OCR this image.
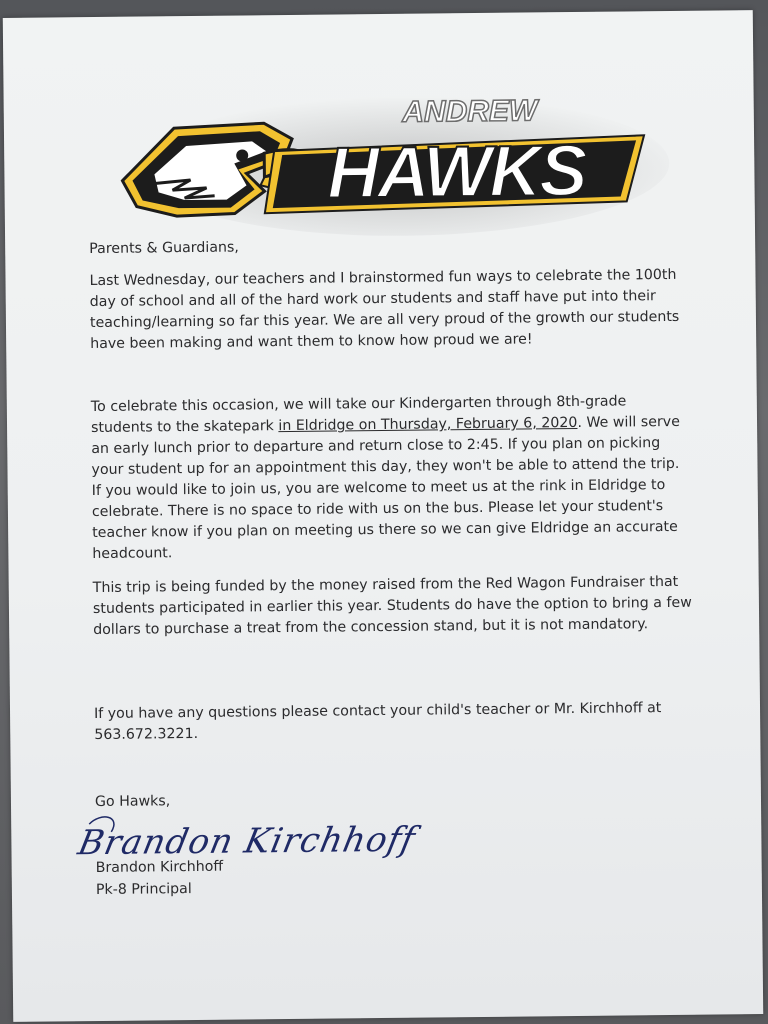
HAWKS
ANDREW
Parents & Guardians,

Last Wednesday, our teachers and I brainstormed fun ways to celebrate the 100th day of school and all of the hard work our students and staff have put into their teaching/learning so far this year. We are all very proud of the growth our students have been making and want them to know how proud we are!

To celebrate this occasion, we will take our Kindergarten through 8th-grade students to the skatepark in Eldridge on Thursday, February 6, 2020. We will serve an early lunch prior to departure and return close to 2:45. If you plan on picking your student up for an appointment this day, they won't be able to attend the trip. If you would like to join us, you are welcome to meet us at the rink in Eldridge to celebrate. There is no space to ride with us on the bus. Please let your student's teacher know if you plan on meeting us there so we can give Eldridge an accurate headcount.

This trip is being funded by the money raised from the Red Wagon Fundraiser that students participated in earlier this year. Students do have the option to bring a few dollars to purchase a treat from the concession stand, but it is not mandatory.

If you have any questions please contact your child's teacher or Mr. Kirchhoff at 563.672.3221.

Go Hawks,
Brandon Kirchhoff
Brandon Kirchhoff
Pk-8 Principal
